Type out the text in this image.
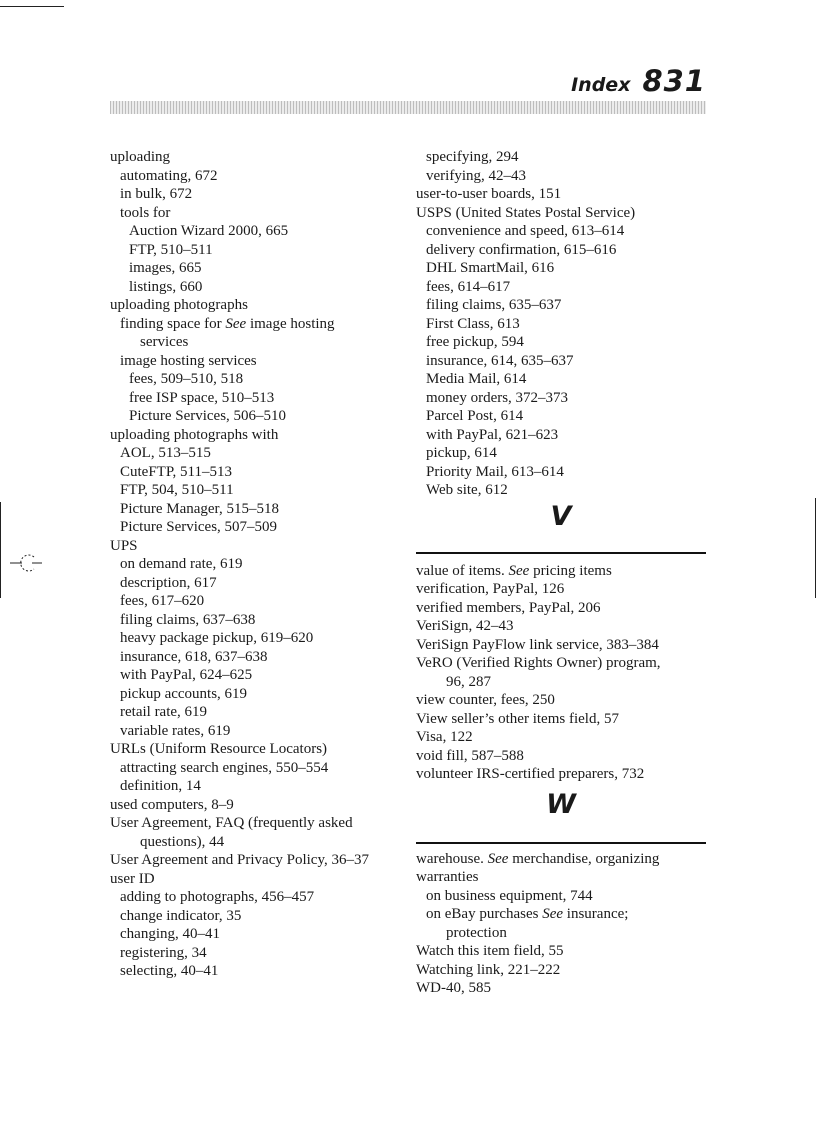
Index 831
uploading
automating, 672
in bulk, 672
tools for
Auction Wizard 2000, 665
FTP, 510–511
images, 665
listings, 660
uploading photographs
finding space for See image hosting
services
image hosting services
fees, 509–510, 518
free ISP space, 510–513
Picture Services, 506–510
uploading photographs with
AOL, 513–515
CuteFTP, 511–513
FTP, 504, 510–511
Picture Manager, 515–518
Picture Services, 507–509
UPS
on demand rate, 619
description, 617
fees, 617–620
filing claims, 637–638
heavy package pickup, 619–620
insurance, 618, 637–638
with PayPal, 624–625
pickup accounts, 619
retail rate, 619
variable rates, 619
URLs (Uniform Resource Locators)
attracting search engines, 550–554
definition, 14
used computers, 8–9
User Agreement, FAQ (frequently asked
questions), 44
User Agreement and Privacy Policy, 36–37
user ID
adding to photographs, 456–457
change indicator, 35
changing, 40–41
registering, 34
selecting, 40–41
specifying, 294
verifying, 42–43
user-to-user boards, 151
USPS (United States Postal Service)
convenience and speed, 613–614
delivery confirmation, 615–616
DHL SmartMail, 616
fees, 614–617
filing claims, 635–637
First Class, 613
free pickup, 594
insurance, 614, 635–637
Media Mail, 614
money orders, 372–373
Parcel Post, 614
with PayPal, 621–623
pickup, 614
Priority Mail, 613–614
Web site, 612
V
value of items. See pricing items
verification, PayPal, 126
verified members, PayPal, 206
VeriSign, 42–43
VeriSign PayFlow link service, 383–384
VeRO (Verified Rights Owner) program,
96, 287
view counter, fees, 250
View seller’s other items field, 57
Visa, 122
void fill, 587–588
volunteer IRS-certified preparers, 732
W
warehouse. See merchandise, organizing
warranties
on business equipment, 744
on eBay purchases See insurance;
protection
Watch this item field, 55
Watching link, 221–222
WD-40, 585
